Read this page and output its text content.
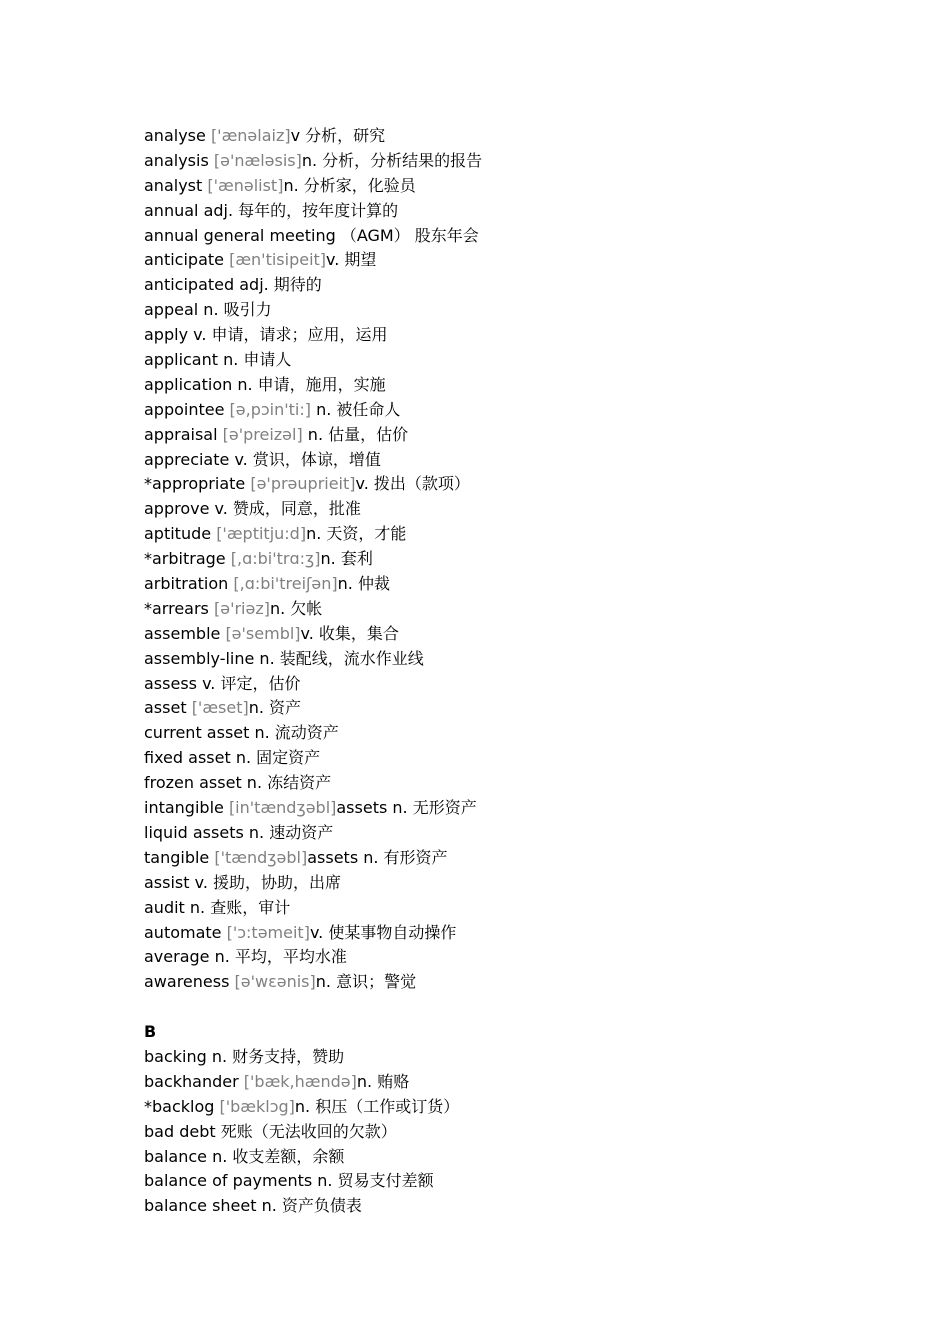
analyse ['ænəlaiz]v 分析，研究
analysis [ə'næləsis]n. 分析，分析结果的报告
analyst ['ænəlist]n. 分析家，化验员
annual adj. 每年的，按年度计算的
annual general meeting （AGM） 股东年会
anticipate [æn'tisipeit]v. 期望
anticipated adj. 期待的
appeal n. 吸引力
apply v. 申请，请求；应用，运用
applicant n. 申请人
application n. 申请，施用，实施
appointee [ə,pɔin'ti:] n. 被任命人
appraisal [ə'preizəl] n. 估量，估价
appreciate v. 赏识，体谅，增值
*appropriate [ə'prəuprieit]v. 拨出（款项）
approve v. 赞成，同意，批准
aptitude ['æptitju:d]n. 天资，才能
*arbitrage [,ɑ:bi'trɑ:ʒ]n. 套利
arbitration [,ɑ:bi'treiʃən]n. 仲裁
*arrears [ə'riəz]n. 欠帐
assemble [ə'sembl]v. 收集，集合
assembly-line n. 装配线，流水作业线
assess v. 评定，估价
asset ['æset]n. 资产
current asset n. 流动资产
fixed asset n. 固定资产
frozen asset n. 冻结资产
intangible [in'tændʒəbl]assets n. 无形资产
liquid assets n. 速动资产
tangible ['tændʒəbl]assets n. 有形资产
assist v. 援助，协助，出席
audit n. 查账，审计
automate ['ɔ:təmeit]v. 使某事物自动操作
average n. 平均，平均水准
awareness [ə'wɛənis]n. 意识；警觉
B
backing n. 财务支持，赞助
backhander ['bæk,hændə]n. 贿赂
*backlog ['bæklɔg]n. 积压（工作或订货）
bad debt 死账（无法收回的欠款）
balance n. 收支差额，余额
balance of payments n. 贸易支付差额
balance sheet n. 资产负债表
